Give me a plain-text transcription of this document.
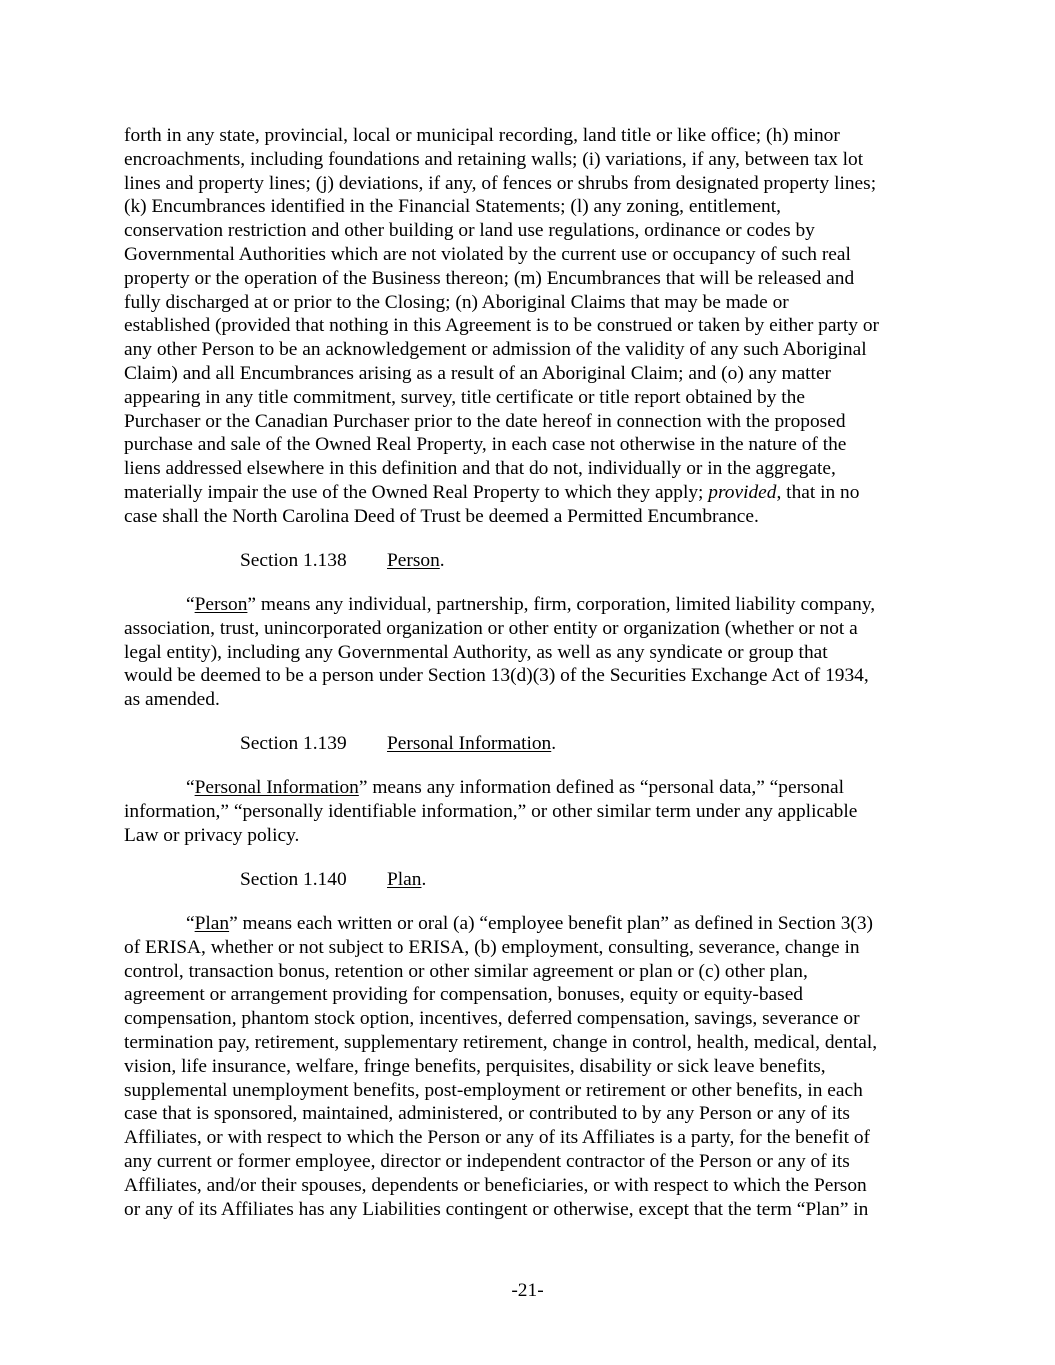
forth in any state, provincial, local or municipal recording, land title or like office; (h) minor
encroachments, including foundations and retaining walls; (i) variations, if any, between tax lot
lines and property lines; (j) deviations, if any, of fences or shrubs from designated property lines;
(k) Encumbrances identified in the Financial Statements; (l) any zoning, entitlement,
conservation restriction and other building or land use regulations, ordinance or codes by
Governmental Authorities which are not violated by the current use or occupancy of such real
property or the operation of the Business thereon; (m) Encumbrances that will be released and
fully discharged at or prior to the Closing; (n) Aboriginal Claims that may be made or
established (provided that nothing in this Agreement is to be construed or taken by either party or
any other Person to be an acknowledgement or admission of the validity of any such Aboriginal
Claim) and all Encumbrances arising as a result of an Aboriginal Claim; and (o) any matter
appearing in any title commitment, survey, title certificate or title report obtained by the
Purchaser or the Canadian Purchaser prior to the date hereof in connection with the proposed
purchase and sale of the Owned Real Property, in each case not otherwise in the nature of the
liens addressed elsewhere in this definition and that do not, individually or in the aggregate,
materially impair the use of the Owned Real Property to which they apply; provided, that in no
case shall the North Carolina Deed of Trust be deemed a Permitted Encumbrance.
Section 1.138 Person.
“Person” means any individual, partnership, firm, corporation, limited liability company,
association, trust, unincorporated organization or other entity or organization (whether or not a
legal entity), including any Governmental Authority, as well as any syndicate or group that
would be deemed to be a person under Section 13(d)(3) of the Securities Exchange Act of 1934,
as amended.
Section 1.139 Personal Information.
“Personal Information” means any information defined as “personal data,” “personal
information,” “personally identifiable information,” or other similar term under any applicable
Law or privacy policy.
Section 1.140 Plan.
“Plan” means each written or oral (a) “employee benefit plan” as defined in Section 3(3)
of ERISA, whether or not subject to ERISA, (b) employment, consulting, severance, change in
control, transaction bonus, retention or other similar agreement or plan or (c) other plan,
agreement or arrangement providing for compensation, bonuses, equity or equity-based
compensation, phantom stock option, incentives, deferred compensation, savings, severance or
termination pay, retirement, supplementary retirement, change in control, health, medical, dental,
vision, life insurance, welfare, fringe benefits, perquisites, disability or sick leave benefits,
supplemental unemployment benefits, post-employment or retirement or other benefits, in each
case that is sponsored, maintained, administered, or contributed to by any Person or any of its
Affiliates, or with respect to which the Person or any of its Affiliates is a party, for the benefit of
any current or former employee, director or independent contractor of the Person or any of its
Affiliates, and/or their spouses, dependents or beneficiaries, or with respect to which the Person
or any of its Affiliates has any Liabilities contingent or otherwise, except that the term “Plan” in
-21-
